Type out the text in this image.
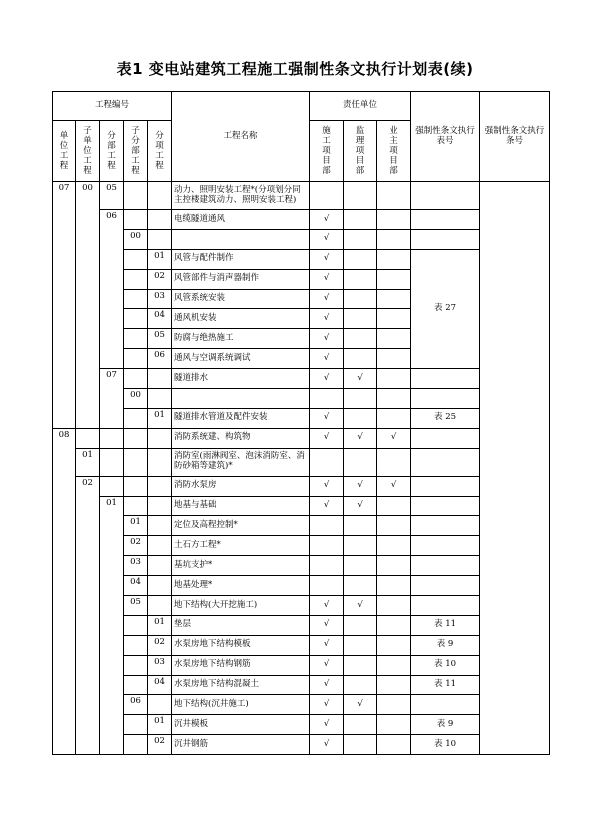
表1 变电站建筑工程施工强制性条文执行计划表(续)
工程编号					工程名称	责任单位			强制性条文执行表号	强制性条文执行条号
单位工程	子单位工程	分部工程	子分部工程	分项工程		施工项目部	监理项目部	业主项目部		
07	00	05			动力、照明安装工程*(分项划分同主控楼建筑动力、照明安装工程)					
		06			电缆隧道通风	√				
			00			√				
				01	风管与配件制作	√			表 27	
				02	风管部件与消声器制作	√				
				03	风管系统安装	√				
				04	通风机安装	√				
				05	防腐与绝热施工	√				
				06	通风与空调系统调试	√				
		07			隧道排水	√	√			
			00							
				01	隧道排水管道及配件安装	√			表 25	
08					消防系统建、构筑物	√	√	√		
	01				消防室(雨淋阀室、泡沫消防室、消防砂箱等建筑)*					
	02				消防水泵房	√	√	√		
		01			地基与基础	√	√			
			01		定位及高程控制*					
			02		土石方工程*					
			03		基坑支护*					
			04		地基处理*					
			05		地下结构(大开挖施工)	√	√			
				01	垫层	√			表 11	
				02	水泵房地下结构模板	√			表 9	
				03	水泵房地下结构钢筋	√			表 10	
				04	水泵房地下结构混凝土	√			表 11	
			06		地下结构(沉井施工)	√	√			
				01	沉井模板	√			表 9	
				02	沉井钢筋	√			表 10	
